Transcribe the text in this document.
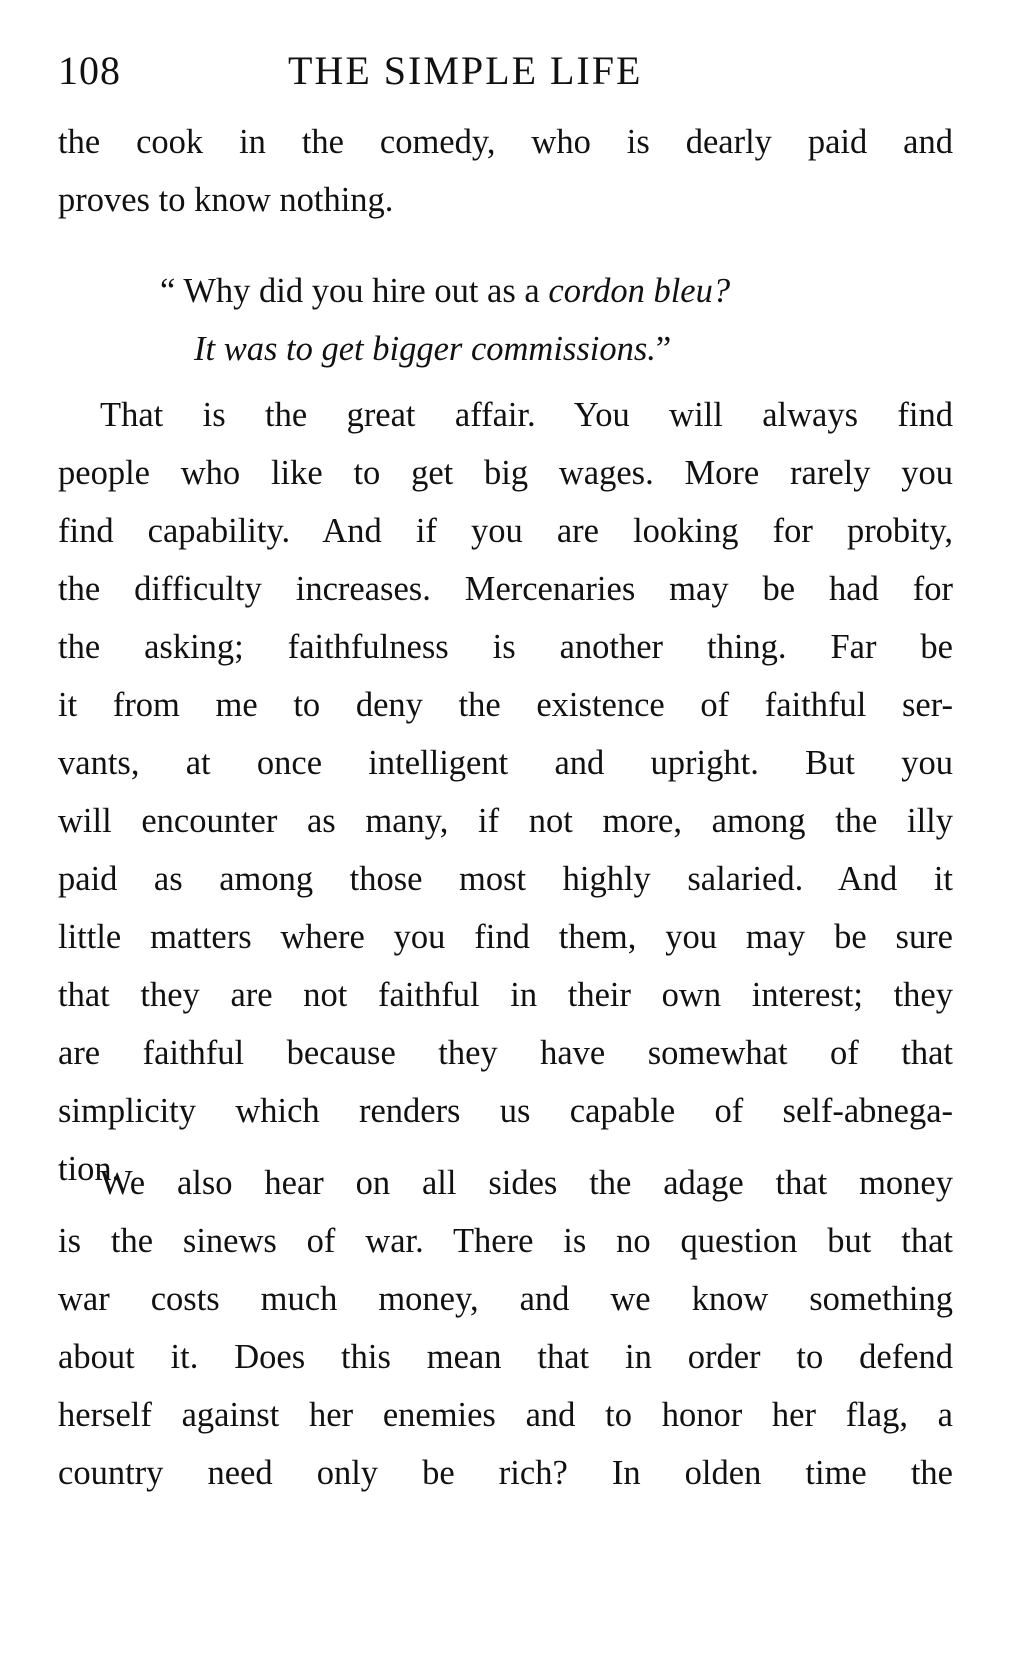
108	THE SIMPLE LIFE
the cook in the comedy, who is dearly paid and
proves to know nothing.
“ Why did you hire out as a cordon bleu?
It was to get bigger commissions.”
That is the great affair. You will always find
people who like to get big wages. More rarely you
find capability. And if you are looking for probity,
the difficulty increases. Mercenaries may be had for
the asking; faithfulness is another thing. Far be
it from me to deny the existence of faithful ser-
vants, at once intelligent and upright. But you
will encounter as many, if not more, among the illy
paid as among those most highly salaried. And it
little matters where you find them, you may be sure
that they are not faithful in their own interest; they
are faithful because they have somewhat of that
simplicity which renders us capable of self-abnega-
tion.
We also hear on all sides the adage that money
is the sinews of war. There is no question but that
war costs much money, and we know something
about it. Does this mean that in order to defend
herself against her enemies and to honor her flag, a
country need only be rich? In olden time the
